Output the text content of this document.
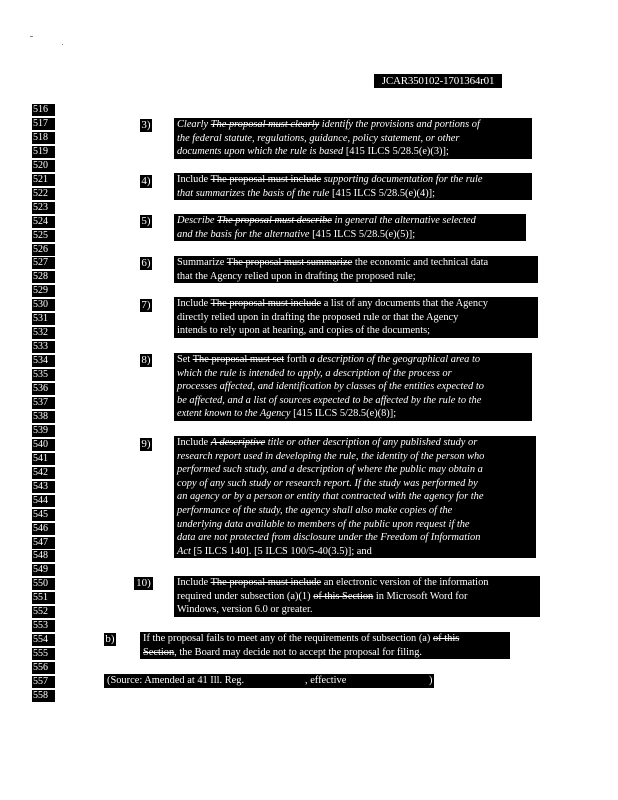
JCAR350102-1701364r01
516
517
518
519
520
521
522
523
524
525
526
527
528
529
530
531
532
533
534
535
536
537
538
539
540
541
542
543
544
545
546
547
548
549
550
551
552
553
554
555
556
557
558
3)
4)
5)
6)
7)
8)
9)
10)
b)
Clearly The proposal must clearly identify the provisions and portions of
the federal statute, regulations, guidance, policy statement, or other
documents upon which the rule is based [415 ILCS 5/28.5(e)(3)];
Include The proposal must include supporting documentation for the rule
that summarizes the basis of the rule [415 ILCS 5/28.5(e)(4)];
Describe The proposal must describe in general the alternative selected
and the basis for the alternative [415 ILCS 5/28.5(e)(5)];
Summarize The proposal must summarize the economic and technical data
that the Agency relied upon in drafting the proposed rule;
Include The proposal must include a list of any documents that the Agency
directly relied upon in drafting the proposed rule or that the Agency
intends to rely upon at hearing, and copies of the documents;
Set The proposal must set forth a description of the geographical area to
which the rule is intended to apply, a description of the process or
processes affected, and identification by classes of the entities expected to
be affected, and a list of sources expected to be affected by the rule to the
extent known to the Agency [415 ILCS 5/28.5(e)(8)];
Include A descriptive title or other description of any published study or
research report used in developing the rule, the identity of the person who
performed such study, and a description of where the public may obtain a
copy of any such study or research report. If the study was performed by
an agency or by a person or entity that contracted with the agency for the
performance of the study, the agency shall also make copies of the
underlying data available to members of the public upon request if the
data are not protected from disclosure under the Freedom of Information
Act [5 ILCS 140]. [5 ILCS 100/5-40(3.5)]; and
Include The proposal must include an electronic version of the information
required under subsection (a)(1) of this Section in Microsoft Word for
Windows, version 6.0 or greater.
If the proposal fails to meet any of the requirements of subsection (a) of this
Section, the Board may decide not to accept the proposal for filing.
(Source: Amended at 41 Ill. Reg.	, effective	)
